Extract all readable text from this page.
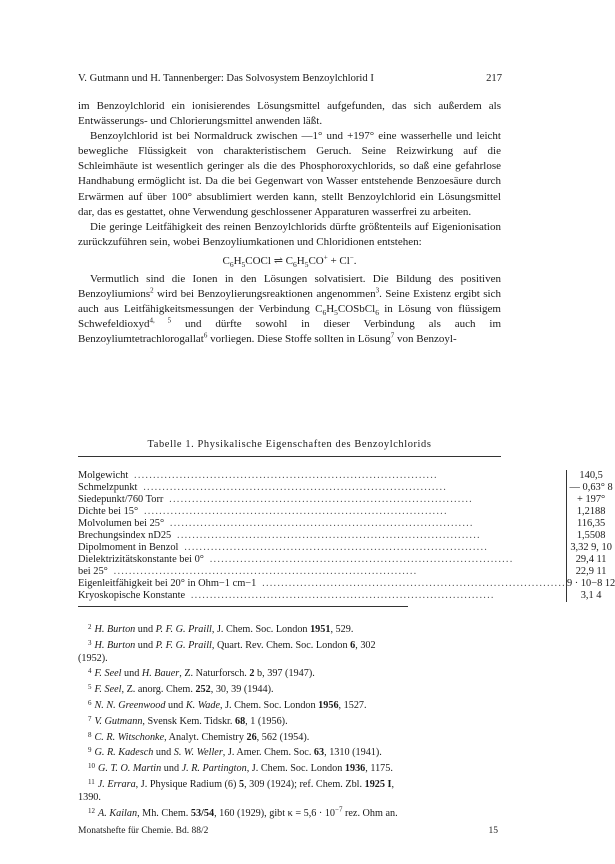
V. Gutmann und H. Tannenberger: Das Solvosystem Benzoylchlorid I	217

im Benzoylchlorid ein ionisierendes Lösungsmittel aufgefunden, das sich außerdem als Entwässerungs- und Chlorierungsmittel anwenden läßt.

Benzoylchlorid ist bei Normaldruck zwischen —1° und +197° eine wasserhelle und leicht bewegliche Flüssigkeit von charakteristischem Geruch. Seine Reizwirkung auf die Schleimhäute ist wesentlich geringer als die des Phosphoroxychlorids, so daß eine gefahrlose Handhabung ermöglicht ist. Da die bei Gegenwart von Wasser entstehende Benzoesäure durch Erwärmen auf über 100° absublimiert werden kann, stellt Benzoylchlorid ein Lösungsmittel dar, das es gestattet, ohne Verwendung geschlossener Apparaturen wasserfrei zu arbeiten.

Die geringe Leitfähigkeit des reinen Benzoylchlorids dürfte größtenteils auf Eigenionisation zurückzuführen sein, wobei Benzoyliumkationen und Chloridionen entstehen:

$C_6H_5COCl$ ⇌ $C_6H_5CO^+ + Cl^-$.

Vermutlich sind die Ionen in den Lösungen solvatisiert. Die Bildung des positiven Benzoyliumions$^2$ wird bei Benzoylierungsreaktionen angenommen$^3$. Seine Existenz ergibt sich auch aus Leitfähigkeitsmessungen der Verbindung $C_6H_5COSbCl_6$ in Lösung von flüssigem Schwefeldioxyd$^{4, 5}$ und dürfte sowohl in dieser Verbindung als auch im Benzoyliumtetrachlorogallat$^6$ vorliegen. Diese Stoffe sollten in Lösung$^7$ von Benzoyl-

Tabelle 1. Physikalische Eigenschaften des Benzoylchlorids
Molgewicht ................................................................................	140,5
Schmelzpunkt ................................................................................	— 0,63° 8
Siedepunkt/760 Torr ................................................................................	+ 197°
Dichte bei 15° ................................................................................	1,2188
Molvolumen bei 25° ................................................................................	116,35
Brechungsindex nD25 ................................................................................	1,5508
Dipolmoment in Benzol ................................................................................	3,32 9, 10
Dielektrizitätskonstante bei 0° ................................................................................	29,4 11
bei 25° ................................................................................	22,9 11
Eigenleitfähigkeit bei 20° in Ohm−1 cm−1 ................................................................................	9 · 10−8 12
Kryoskopische Konstante ................................................................................	3,1 4
$^2$ H. Burton und P. F. G. Praill, J. Chem. Soc. London 1951, 529.
$^3$ H. Burton und P. F. G. Praill, Quart. Rev. Chem. Soc. London 6, 302
(1952).
$^4$ F. Seel und H. Bauer, Z. Naturforsch. 2 b, 397 (1947).
$^5$ F. Seel, Z. anorg. Chem. 252, 30, 39 (1944).
$^6$ N. N. Greenwood und K. Wade, J. Chem. Soc. London 1956, 1527.
$^7$ V. Gutmann, Svensk Kem. Tidskr. 68, 1 (1956).
$^8$ C. R. Witschonke, Analyt. Chemistry 26, 562 (1954).
$^9$ G. R. Kadesch und S. W. Weller, J. Amer. Chem. Soc. 63, 1310 (1941).
$^{10}$ G. T. O. Martin und J. R. Partington, J. Chem. Soc. London 1936, 1175.
$^{11}$ J. Errara, J. Physique Radium (6) 5, 309 (1924); ref. Chem. Zbl. 1925 I,
1390.
$^{12}$ A. Kailan, Mh. Chem. 53/54, 160 (1929), gibt $\kappa = 5,6 \cdot 10^{-7}$ rez. Ohm an.
Monatshefte für Chemie. Bd. 88/2	15
